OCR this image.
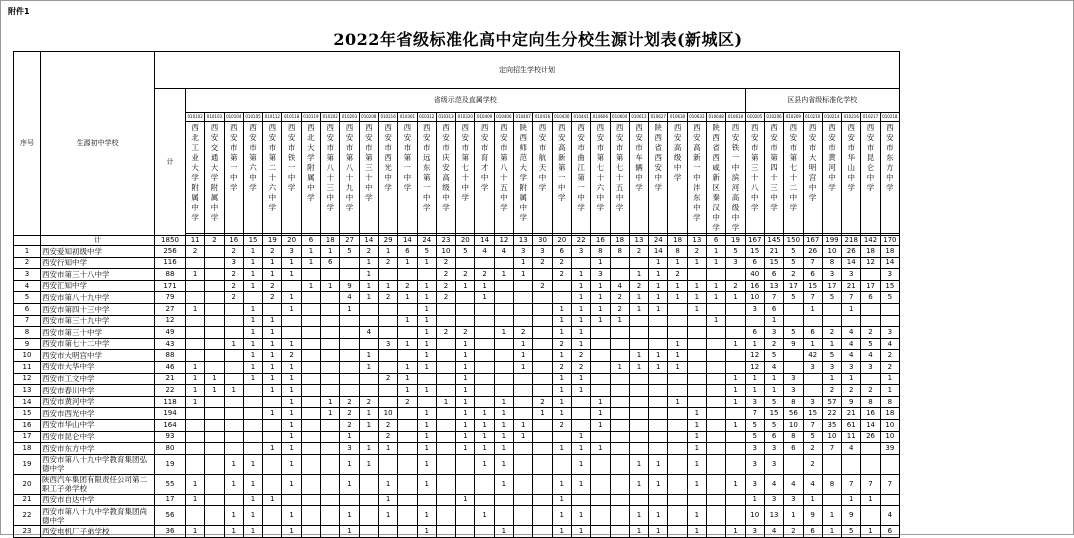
附件1
2022年省级标准化高中定向生分校生源计划表(新城区)
序号	生源初中学校	定向招生学校计划																																					
		计	省级示范及直属学校																													区县内省级标准化学校							
			010102	010103	010104	010105	010112	010118	010119	010202	010203	010208	010216	010301	010312	010313	010320	010409	010406	010407	010416	010430	010441	010606	010604	010613	010627	010630	010633	010648	010618	010205	010206	010209	010210	010214	010216	010217	010218

			西北工业大学附属中学	西安交通大学附属中学	西安市第一中学	西安市第六中学	西安市第二十六中学	西安市铁一中学	西北大学附属中学	西安市第八十三中学	西安市第八十九中学	西安市第三十中学	西安市西光中学	西安市第一中学	西安市远东第一中学	西安市庆安高级中学	西安市第七十中学	西安市育才中学	西安市第八十五中学	陕西师范大学附属中学	西安市航天中学	西安高新第一中学	西安市曲江第一中学	西安市第七十六中学	西安市第七十五中学	西安市车辆中学	陕西省西安中学	西安高级中学	西安高新一中沣东中学	陕西省西咸新区秦汉中学	西安铁一中滨河高级中学	西安市第三十八中学	西安市第四十三中学	西安市第七十二中学	西安市大明宫中学	西安市黄河中学	西安市华山中学	西安市昆仑中学	西安市东方中学

	计	1850	11	2	16	15	19	20	6	18	27	14	29	14	24	23	20	14	12	13	30	20	22	16	18	13	24	18	13	6	19	167	145	150	167	199	218	142	170
1	西安爱知初级中学	256	2		2	1	2	3	1	1	5	2	1	6	5	10	5	4	4	3	3	6	3	8	8	2	14	8	2	1	5	15	21	5	26	10	26	18	18
2	西安行知中学	116			3	1	1	1	1	6		1	2	1	1	2				1	2	2		1			1	1	1	1	3	6	15	5	7	8	14	12	14
3	西安市第三十八中学	88	1		2	1	1	1				1				2	2	2	1	1		2	1	3		1	1	2				40	6	2	6	3	3		3
4	西安汇知中学	171			2	1	2		1	1	9	1	1	2	1	2	1	1			2		1	1	4	2	1	1	1	1	2	16	13	17	15	17	21	17	15
5	西安市第八十九中学	79			2		2	1			4	1	2	1	1	2		1					1	1	2	1	1	1	1	1	1	10	7	5	7	5	7	6	5
6	西安市第四十三中学	27	1			1		1			1				1							1	1	1	2	1	1		1			3	6		1		1		
7	西安市第三十九中学	12				1	1							1	1							1	1	1	1					1			1						
8	西安市第三十中学	49				1	1					4			1	2	2		1	2		1	1									6	3	5	6	2	4	2	3
9	西安市第七十二中学	43			1	1	1	1					3	1	1		1			1		2	1					1			1	1	2	9	1	1	4	5	4
10	西安市大明宫中学	88				1	1	2				1			1		1			1		1	2			1	1	1				12	5		42	5	4	4	2
11	西安市大华中学	46	1			1	1	1				1		1	1		1			1		2	2		1	1	1	1				12	4		3	3	3	3	2
12	西安市工文中学	21	1	1		1	1	1					2	1			1					1	1								1	1	1	3		1	1		1
13	西安市春川中学	22	1	1	1		1	1						1	1		1					1	1								1	1	1	3		2	2	2	1
14	西安市黄河中学	118	1					1		1	2	2		2		1	1		1		2	1		1				1			1	3	5	8	3	57	9	8	8
15	西安市西光中学	194					1	1		1	2	1	10		1		1	1	1		1	1		1					1			7	15	56	15	22	21	16	18
16	西安市华山中学	164						1			2	1	2		1		1	1	1	1		2		1					1		1	5	5	10	7	35	61	14	10
17	西安市昆仑中学	93						1			1		2		1		1	1	1	1			1						1			5	6	8	5	10	11	26	10
18	西安市东方中学	80					1	1			3	1	1		1		1	1	1			1	1	1					1			3	3	6	2	7	4		39
19	西安市第八十九中学教育集团弘德中学	19			1	1		1			1	1			1			1	1				1			1	1		1			3	3		2				
20	陕西汽车集团有限责任公司第二职工子弟学校	55	1		1	1		1			1		1		1				1			1	1			1	1		1		1	3	4	4	4	8	7	7	7
21	西安市自达中学	17	1			1	1						1				1					1										1	3	3	1		1	1	
22	西安市第八十九中学教育集团尚德中学	56			1	1		1			1		1		1			1				1	1			1	1		1			10	13	1	9	1	9		4
23	西安电机厂子弟学校	36	1		1	1		1			1				1				1			1	1			1	1		1		1	3	4	2	6	1	5	1	6
